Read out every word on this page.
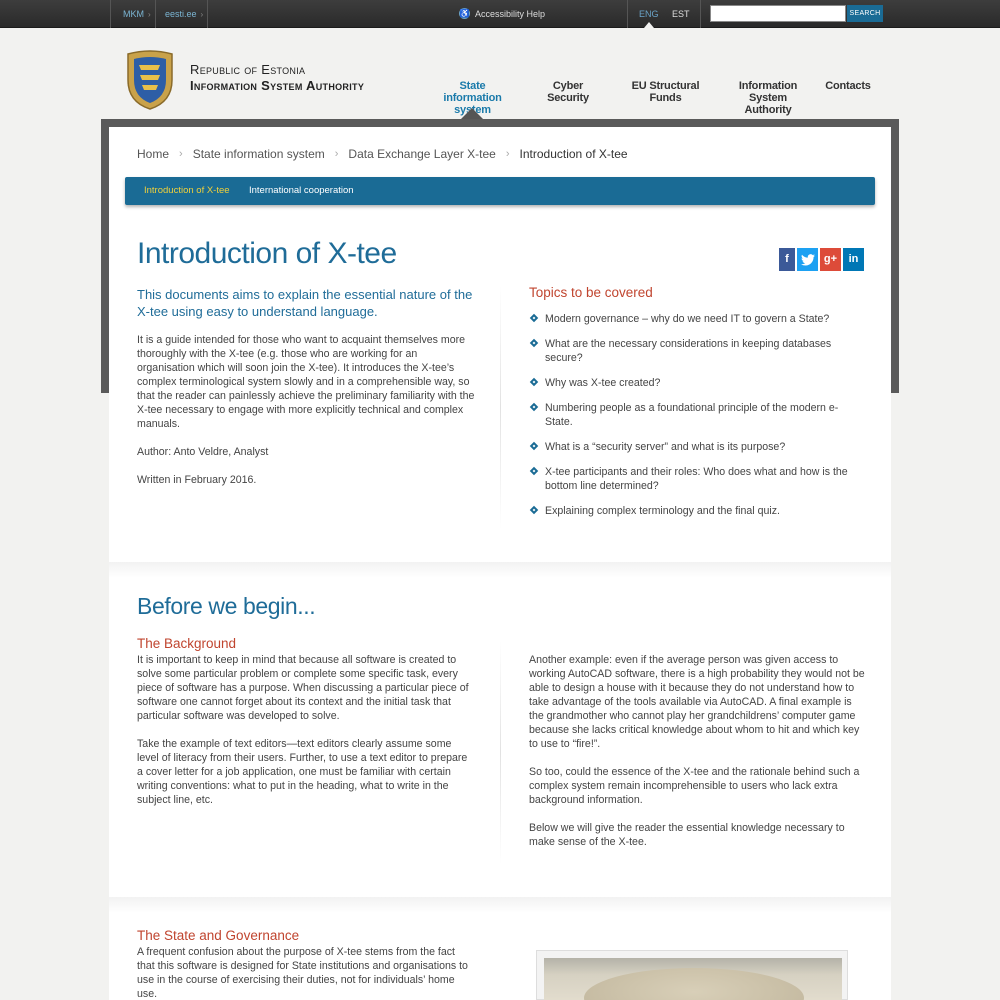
MKM › eesti.ee ›	♿ Accessibility Help	ENG EST	SEARCH
Republic of Estonia
Information System Authority	State
information system
Cyber Security
EU Structural Funds
Information
System Authority
Contacts
Home › State information system › Data Exchange Layer X-tee › Introduction of X-tee
Introduction of X-tee International cooperation
Introduction of X-tee	f	g+	in
This documents aims to explain the essential nature of the X-tee using easy to understand language.
It is a guide intended for those who want to acquaint themselves more thoroughly with the X-tee (e.g. those who are working for an organisation which will soon join the X-tee). It introduces the X-tee’s complex terminological system slowly and in a comprehensible way, so that the reader can painlessly achieve the preliminary familiarity with the X-tee necessary to engage with more explicitly technical and complex manuals.
Author: Anto Veldre, Analyst
Written in February 2016.
Topics to be covered
Modern governance – why do we need IT to govern a State?
What are the necessary considerations in keeping databases secure?
Why was X-tee created?
Numbering people as a foundational principle of the modern e-State.
What is a “security server” and what is its purpose?
X-tee participants and their roles: Who does what and how is the bottom line determined?
Explaining complex terminology and the final quiz.
Before we begin...
The Background
It is important to keep in mind that because all software is created to solve some particular problem or complete some specific task, every piece of software has a purpose. When discussing a particular piece of software one cannot forget about its context and the initial task that particular software was developed to solve.
Take the example of text editors—text editors clearly assume some level of literacy from their users. Further, to use a text editor to prepare a cover letter for a job application, one must be familiar with certain writing conventions: what to put in the heading, what to write in the subject line, etc.
Another example: even if the average person was given access to working AutoCAD software, there is a high probability they would not be able to design a house with it because they do not understand how to take advantage of the tools available via AutoCAD. A final example is the grandmother who cannot play her grandchildrens’ computer game because she lacks critical knowledge about whom to hit and which key to use to “fire!”.
So too, could the essence of the X-tee and the rationale behind such a complex system remain incomprehensible to users who lack extra background information.
Below we will give the reader the essential knowledge necessary to make sense of the X-tee.
The State and Governance
A frequent confusion about the purpose of X-tee stems from the fact that this software is designed for State institutions and organisations to use in the course of exercising their duties, not for individuals’ home use.
